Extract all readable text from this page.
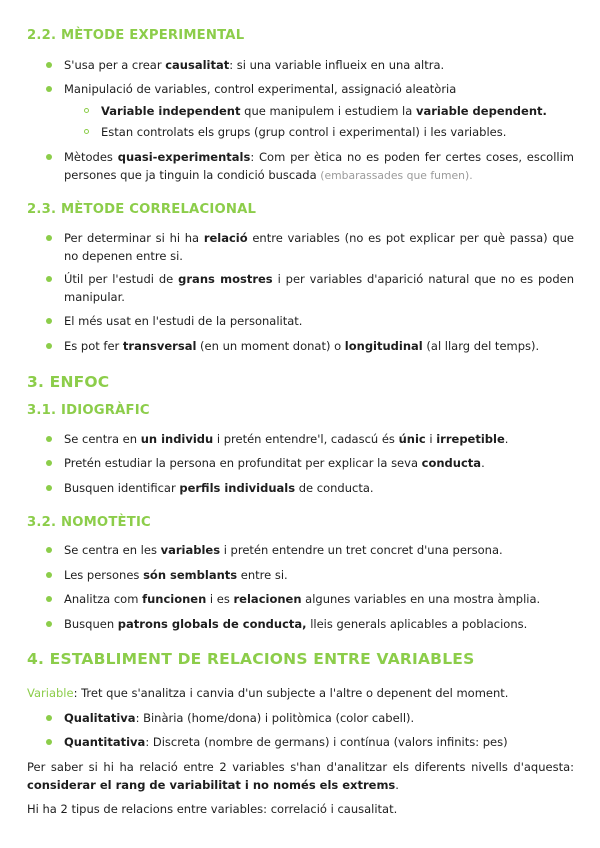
2.2. MÈTODE EXPERIMENTAL
S'usa per a crear causalitat: si una variable influeix en una altra.
Manipulació de variables, control experimental, assignació aleatòria
Variable independent que manipulem i estudiem la variable dependent.
Estan controlats els grups (grup control i experimental) i les variables.
Mètodes quasi-experimentals: Com per ètica no es poden fer certes coses, escollim persones que ja tinguin la condició buscada (embarassades que fumen).
2.3. MÈTODE CORRELACIONAL
Per determinar si hi ha relació entre variables (no es pot explicar per què passa) que no depenen entre si.
Útil per l'estudi de grans mostres i per variables d'aparició natural que no es poden manipular.
El més usat en l'estudi de la personalitat.
Es pot fer transversal (en un moment donat) o longitudinal (al llarg del temps).
3. ENFOC
3.1. IDIOGRÀFIC
Se centra en un individu i pretén entendre'l, cadascú és únic i irrepetible.
Pretén estudiar la persona en profunditat per explicar la seva conducta.
Busquen identificar perfils individuals de conducta.
3.2. NOMOTÈTIC
Se centra en les variables i pretén entendre un tret concret d'una persona.
Les persones són semblants entre si.
Analitza com funcionen i es relacionen algunes variables en una mostra àmplia.
Busquen patrons globals de conducta, lleis generals aplicables a poblacions.
4. ESTABLIMENT DE RELACIONS ENTRE VARIABLES

Variable: Tret que s'analitza i canvia d'un subjecte a l'altre o depenent del moment.

Qualitativa: Binària (home/dona) i politòmica (color cabell).
Quantitativa: Discreta (nombre de germans) i contínua (valors infinits: pes)

Per saber si hi ha relació entre 2 variables s'han d'analitzar els diferents nivells d'aquesta: considerar el rang de variabilitat i no només els extrems.

Hi ha 2 tipus de relacions entre variables: correlació i causalitat.
